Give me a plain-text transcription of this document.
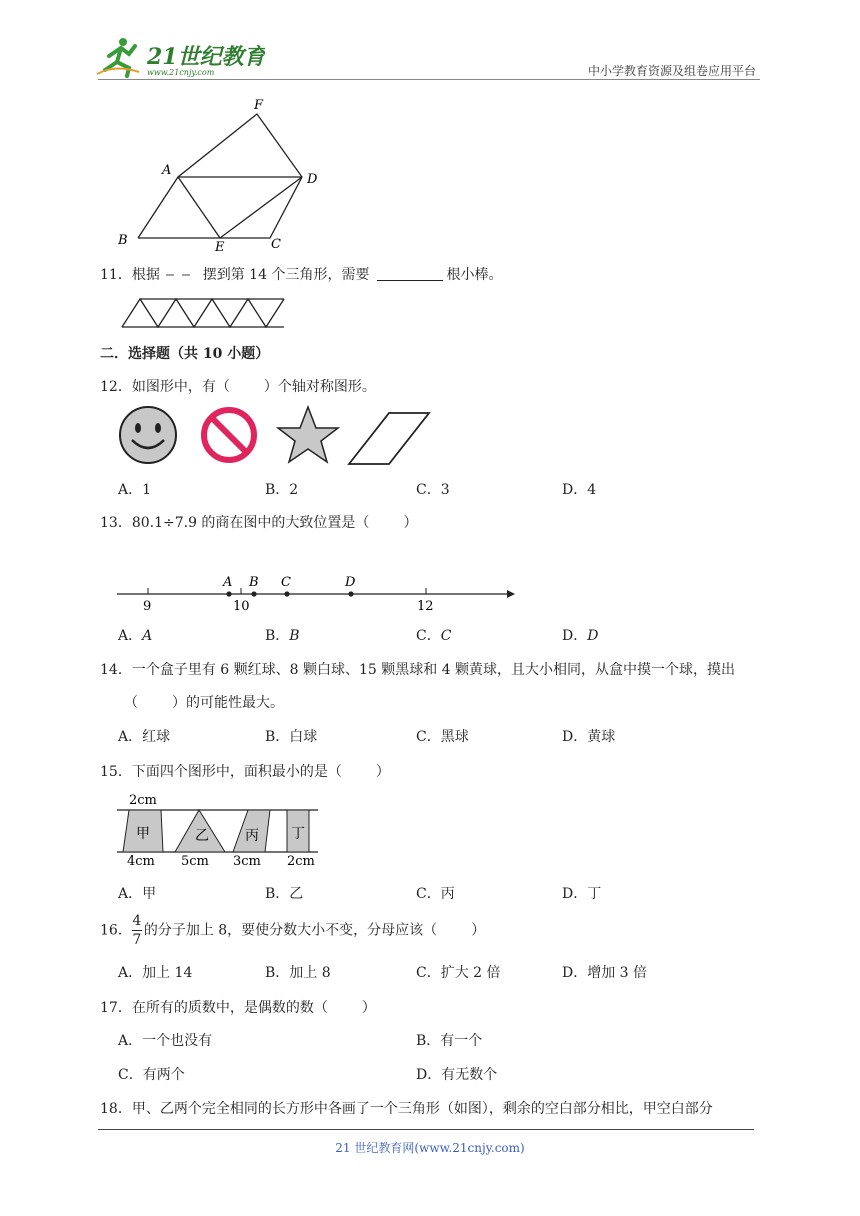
21世纪教育
www.21cnjy.com	中小学教育资源及组卷应用平台
F
A
D
B	E	C
11．根据	摆到第 14 个三角形，需要	根小棒。
二．选择题（共 10 小题）
12．如图形中，有（ ）个轴对称图形。
A．1	B．2	C．3	D．4
13．80.1÷7.9 的商在图中的大致位置是（ ）
9	10	12
A B C	D
A．A	B．B	C．C	D．D
14．一个盒子里有 6 颗红球、8 颗白球、15 颗黑球和 4 颗黄球，且大小相同，从盒中摸一个球，摸出
（ ）的可能性最大。
A．红球	B．白球	C．黑球	D．黄球
15．下面四个图形中，面积最小的是（ ）
2cm
甲	乙	丙 丁
4cm 5cm 3cm 2cm
A．甲	B．乙	C．丙	D．丁
16． $\frac{4}{7}$ 的分子加上 8，要使分数大小不变，分母应该（ ）
A．加上 14	B．加上 8	C．扩大 2 倍	D．增加 3 倍
17．在所有的质数中，是偶数的数（ ）
A．一个也没有	B．有一个
C．有两个	D．有无数个
18．甲、乙两个完全相同的长方形中各画了一个三角形（如图），剩余的空白部分相比，甲空白部分
21 世纪教育网(www.21cnjy.com)
